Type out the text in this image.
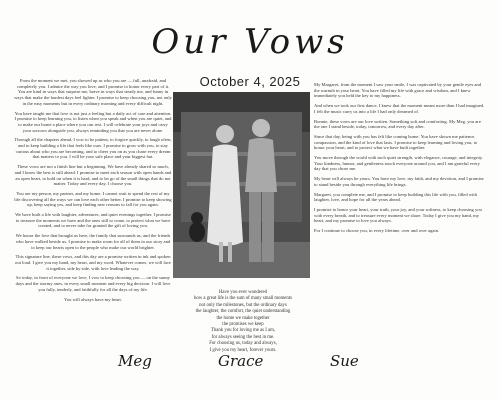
Our Vows
October 4, 2025

From the moment we met, you showed up as who you are — full, unafraid, and completely you. I admire the way you love, and I promise to honor every part of it. You are kind in ways that surprise me, brave in ways that steady me, and funny in ways that make the hardest days feel lighter. I promise to keep choosing you, not only in the easy moments but in every ordinary morning and every difficult night.

You have taught me that love is not just a feeling but a daily act of care and attention. I promise to keep learning you, to listen when you speak and when you are quiet, and to make our home a place where you can rest. I will celebrate your joys and carry your sorrows alongside you, always reminding you that you are never alone.

Through all the chapters ahead, I vow to be patient, to forgive quickly, to laugh often, and to keep building a life that feels like ours. I promise to grow with you, to stay curious about who you are becoming, and to cheer you on as you chase every dream that matters to you. I will be your safe place and your biggest fan.

These vows are not a finish line but a beginning. We have already shared so much, and I know the best is still ahead. I promise to meet each season with open hands and an open heart, to hold on when it is hard, and to let go of the small things that do not matter. Today and every day, I choose you.

You are my person, my partner, and my home. I cannot wait to spend the rest of my life discovering all the ways we can love each other better. I promise to keep showing up, keep saying yes, and keep finding new reasons to fall for you again.

We have built a life with laughter, adventures, and quiet evenings together. I promise to treasure the moments we have and the ones still to come, to protect what we have created, and to never take for granted the gift of loving you.

We honor the love that brought us here, the family that surrounds us, and the friends who have walked beside us. I promise to make room for all of them in our story and to keep our hearts open to the people who make our world brighter.

This signature line, these vows, and this day are a promise written in ink and spoken out loud. I give you my hand, my heart, and my word. Whatever comes, we will face it together, side by side, with love leading the way.

So today, in front of everyone we love, I vow to keep choosing you — on the sunny days and the stormy ones, in every small moment and every big decision. I will love you fully, tenderly, and faithfully for all the days of my life.

You will always have my heart.

Have you ever wondered
how a great life is the sum of many small moments
not only the milestones, but the ordinary days
the laughter, the comfort, the quiet understanding
the home we make together
the promises we keep
Thank you for loving me as I am,
for always seeing the best in me.
For choosing us, today and always,
I give you my heart, forever yours.

My Margaret, from the moment I saw your smile, I was captivated by your gentle eyes and the warmth in your heart. You have filled my life with grace and wisdom, and I knew immediately you held the key to my happiness.

And when we took our first dance, I knew that the moment meant more than I had imagined. I felt the music carry us into a life I had only dreamed of.

Bonnie, these vows are our love written. Something soft and comforting. My Meg, you are the one I stand beside, today, tomorrow, and every day after.

Since that day, being with you has felt like coming home. You have shown me patience, compassion, and the kind of love that lasts. I promise to keep learning and loving you, to honor your heart, and to protect what we have built together.

You move through the world with such quiet strength, with elegance, courage, and integrity. Your kindness, humor, and gentleness touch everyone around you, and I am grateful every day that you chose me.

My heart will always be yours. You have my love, my faith, and my devotion, and I promise to stand beside you through everything life brings.

Margaret, you complete me, and I promise to keep building this life with you, filled with laughter, love, and hope for all the years ahead.

I promise to honor your heart, your truth, your joy, and your softness, to keep choosing you with every breath, and to treasure every moment we share. Today I give you my hand, my heart, and my promise to love you always.

For I continue to choose you, in every lifetime, over and over again.

Meg	Grace	Sue
